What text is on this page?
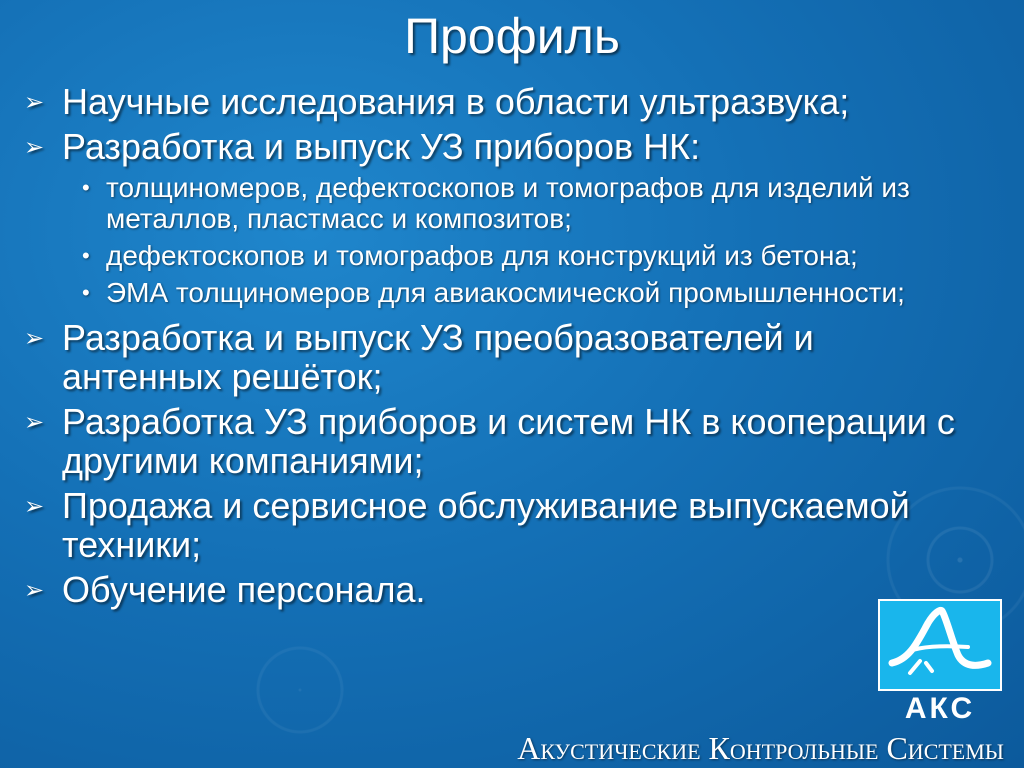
Профиль
➢ Научные исследования в области ультразвука;
➢ Разработка и выпуск УЗ приборов НК:
• толщиномеров, дефектоскопов и томографов для изделий из металлов, пластмасс и композитов;
• дефектоскопов и томографов для конструкций из бетона;
• ЭМА толщиномеров для авиакосмической промышленности;
➢ Разработка и выпуск УЗ преобразователей и антенных решёток;
➢ Разработка УЗ приборов и систем НК в кооперации с другими компаниями;
➢ Продажа и сервисное обслуживание выпускаемой техники;
➢ Обучение персонала.
АКС
Акустические Контрольные Системы
